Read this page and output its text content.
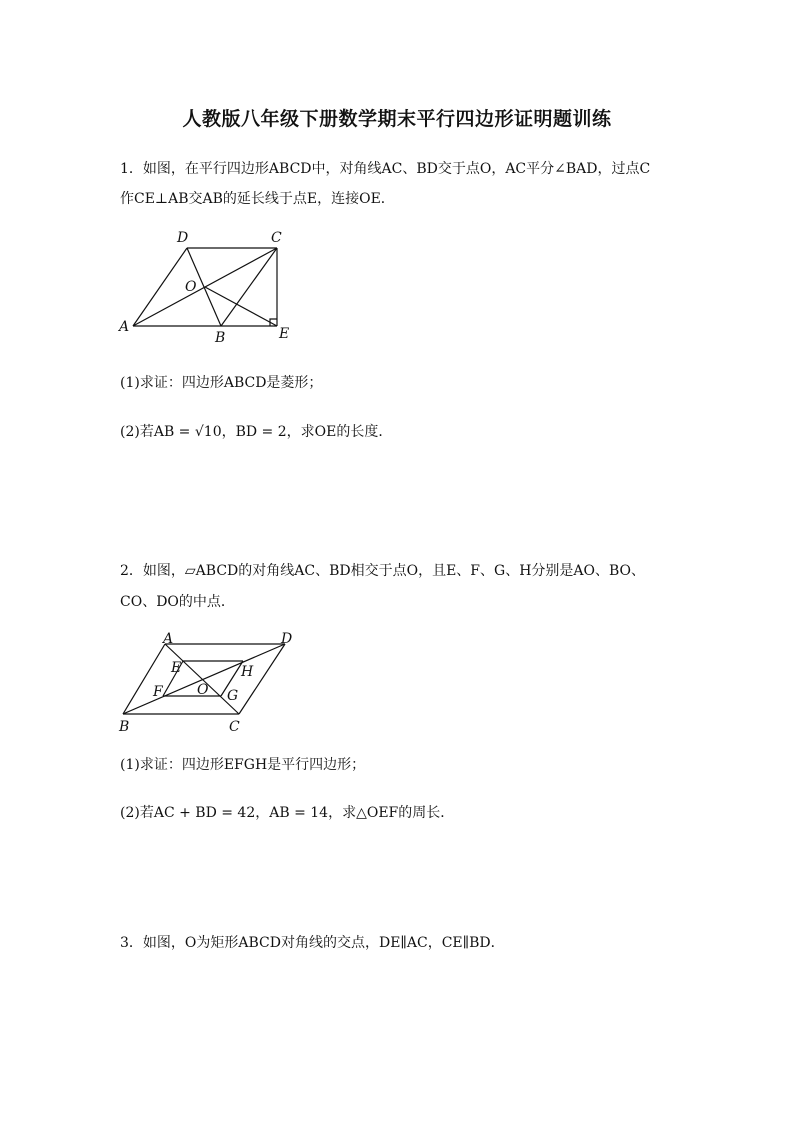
人教版八年级下册数学期末平行四边形证明题训练
1．如图，在平行四边形ABCD中，对角线AC、BD交于点O，AC平分∠BAD，过点C
作CE⊥AB交AB的延长线于点E，连接OE．
A
D	C
O
B	E
(1)求证：四边形ABCD是菱形；
(2)若AB = √10，BD = 2，求OE的长度．
2．如图，▱ABCD的对角线AC、BD相交于点O，且E、F、G、H分别是AO、BO、
CO、DO的中点．
A	D
E	H
F O G
B	C
(1)求证：四边形EFGH是平行四边形；
(2)若AC + BD = 42，AB = 14，求△OEF的周长．
3．如图，O为矩形ABCD对角线的交点，DE∥AC，CE∥BD．
